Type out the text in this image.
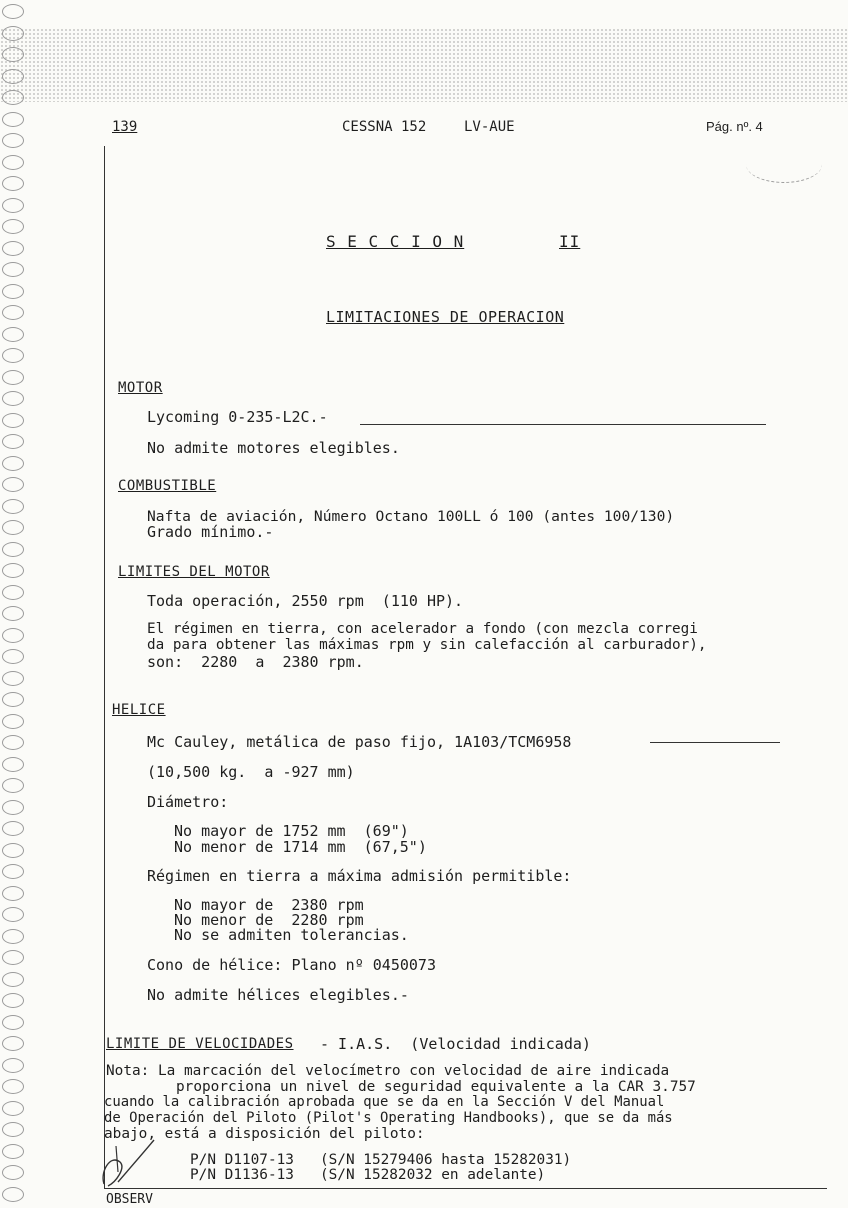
139	CESSNA 152	LV-AUE	Pág. nº. 4
S E C C I O N	II
LIMITACIONES DE OPERACION
MOTOR
Lycoming 0-235-L2C.-
No admite motores elegibles.
COMBUSTIBLE
Nafta de aviación, Número Octano 100LL ó 100 (antes 100/130)
Grado mínimo.-
LIMITES DEL MOTOR
Toda operación, 2550 rpm  (110 HP).
El régimen en tierra, con acelerador a fondo (con mezcla corregi
da para obtener las máximas rpm y sin calefacción al carburador),
son:  2280  a  2380 rpm.
HELICE
Mc Cauley, metálica de paso fijo, 1A103/TCM6958
(10,500 kg.  a -927 mm)
Diámetro:
No mayor de 1752 mm  (69")
No menor de 1714 mm  (67,5")
Régimen en tierra a máxima admisión permitible:
No mayor de  2380 rpm
No menor de  2280 rpm
No se admiten tolerancias.
Cono de hélice: Plano nº 0450073
No admite hélices elegibles.-
LIMITE DE VELOCIDADES - I.A.S.  (Velocidad indicada)
Nota: La marcación del velocímetro con velocidad de aire indicada
proporciona un nivel de seguridad equivalente a la CAR 3.757
cuando la calibración aprobada que se da en la Sección V del Manual
de Operación del Piloto (Pilot's Operating Handbooks), que se da más
abajo, está a disposición del piloto:
P/N D1107-13   (S/N 15279406 hasta 15282031)
P/N D1136-13   (S/N 15282032 en adelante)
OBSERV
